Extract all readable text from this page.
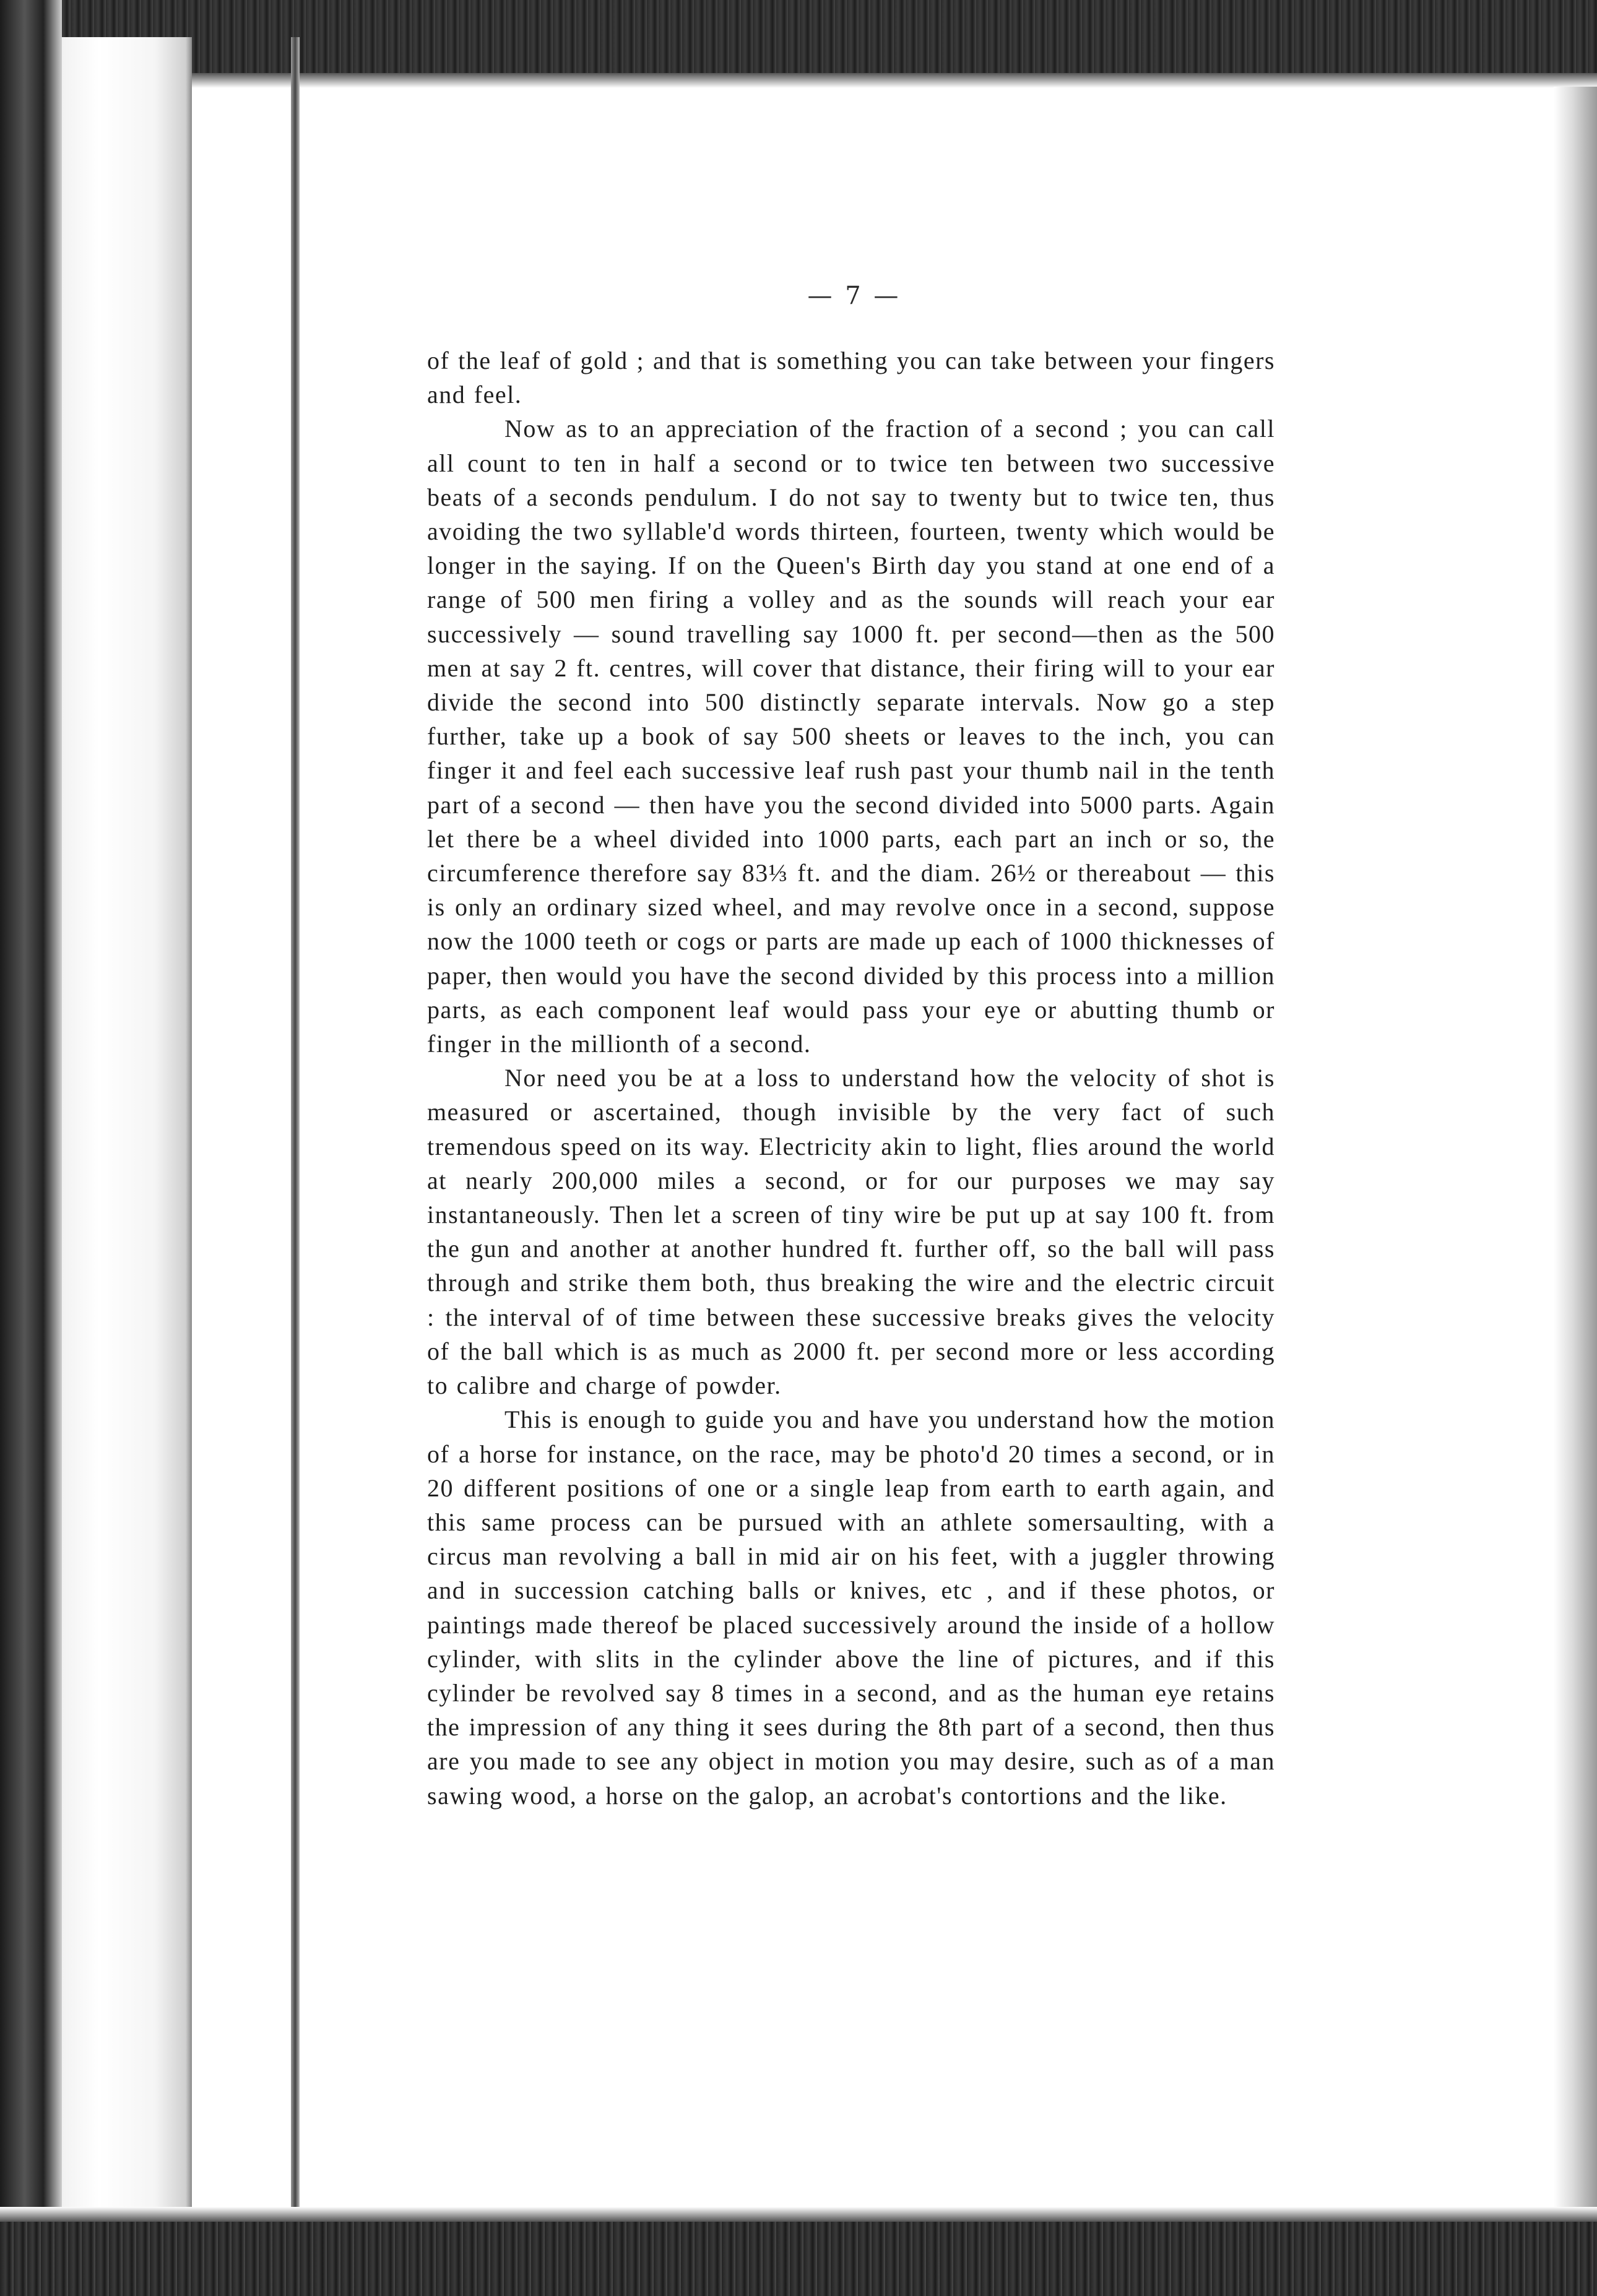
— 7 —

of the leaf of gold ; and that is something you can take between your fingers and feel.

Now as to an appreciation of the fraction of a second ; you can call all count to ten in half a second or to twice ten between two successive beats of a seconds pendulum. I do not say to twenty but to twice ten, thus avoiding the two syllable'd words thirteen, fourteen, twenty which would be longer in the saying. If on the Queen's Birth day you stand at one end of a range of 500 men firing a volley and as the sounds will reach your ear successively — sound travelling say 1000 ft. per second—then as the 500 men at say 2 ft. centres, will cover that distance, their firing will to your ear divide the second into 500 distinctly separate intervals. Now go a step further, take up a book of say 500 sheets or leaves to the inch, you can finger it and feel each successive leaf rush past your thumb nail in the tenth part of a second — then have you the second divided into 5000 parts. Again let there be a wheel divided into 1000 parts, each part an inch or so, the circumference therefore say 83⅓ ft. and the diam. 26½ or thereabout — this is only an ordinary sized wheel, and may revolve once in a second, suppose now the 1000 teeth or cogs or parts are made up each of 1000 thicknesses of paper, then would you have the second divided by this process into a million parts, as each component leaf would pass your eye or abutting thumb or finger in the millionth of a second.

Nor need you be at a loss to understand how the velocity of shot is measured or ascertained, though invisible by the very fact of such tremendous speed on its way. Electricity akin to light, flies around the world at nearly 200,000 miles a second, or for our purposes we may say instantaneously. Then let a screen of tiny wire be put up at say 100 ft. from the gun and another at another hundred ft. further off, so the ball will pass through and strike them both, thus breaking the wire and the electric circuit : the interval of of time between these successive breaks gives the velocity of the ball which is as much as 2000 ft. per second more or less according to calibre and charge of powder.

This is enough to guide you and have you understand how the motion of a horse for instance, on the race, may be photo'd 20 times a second, or in 20 different positions of one or a single leap from earth to earth again, and this same process can be pursued with an athlete somersaulting, with a circus man revolving a ball in mid air on his feet, with a juggler throwing and in succession catching balls or knives, etc , and if these photos, or paintings made thereof be placed successively around the inside of a hollow cylinder, with slits in the cylinder above the line of pictures, and if this cylinder be revolved say 8 times in a second, and as the human eye retains the impression of any thing it sees during the 8th part of a second, then thus are you made to see any object in motion you may desire, such as of a man sawing wood, a horse on the galop, an acrobat's contortions and the like.
